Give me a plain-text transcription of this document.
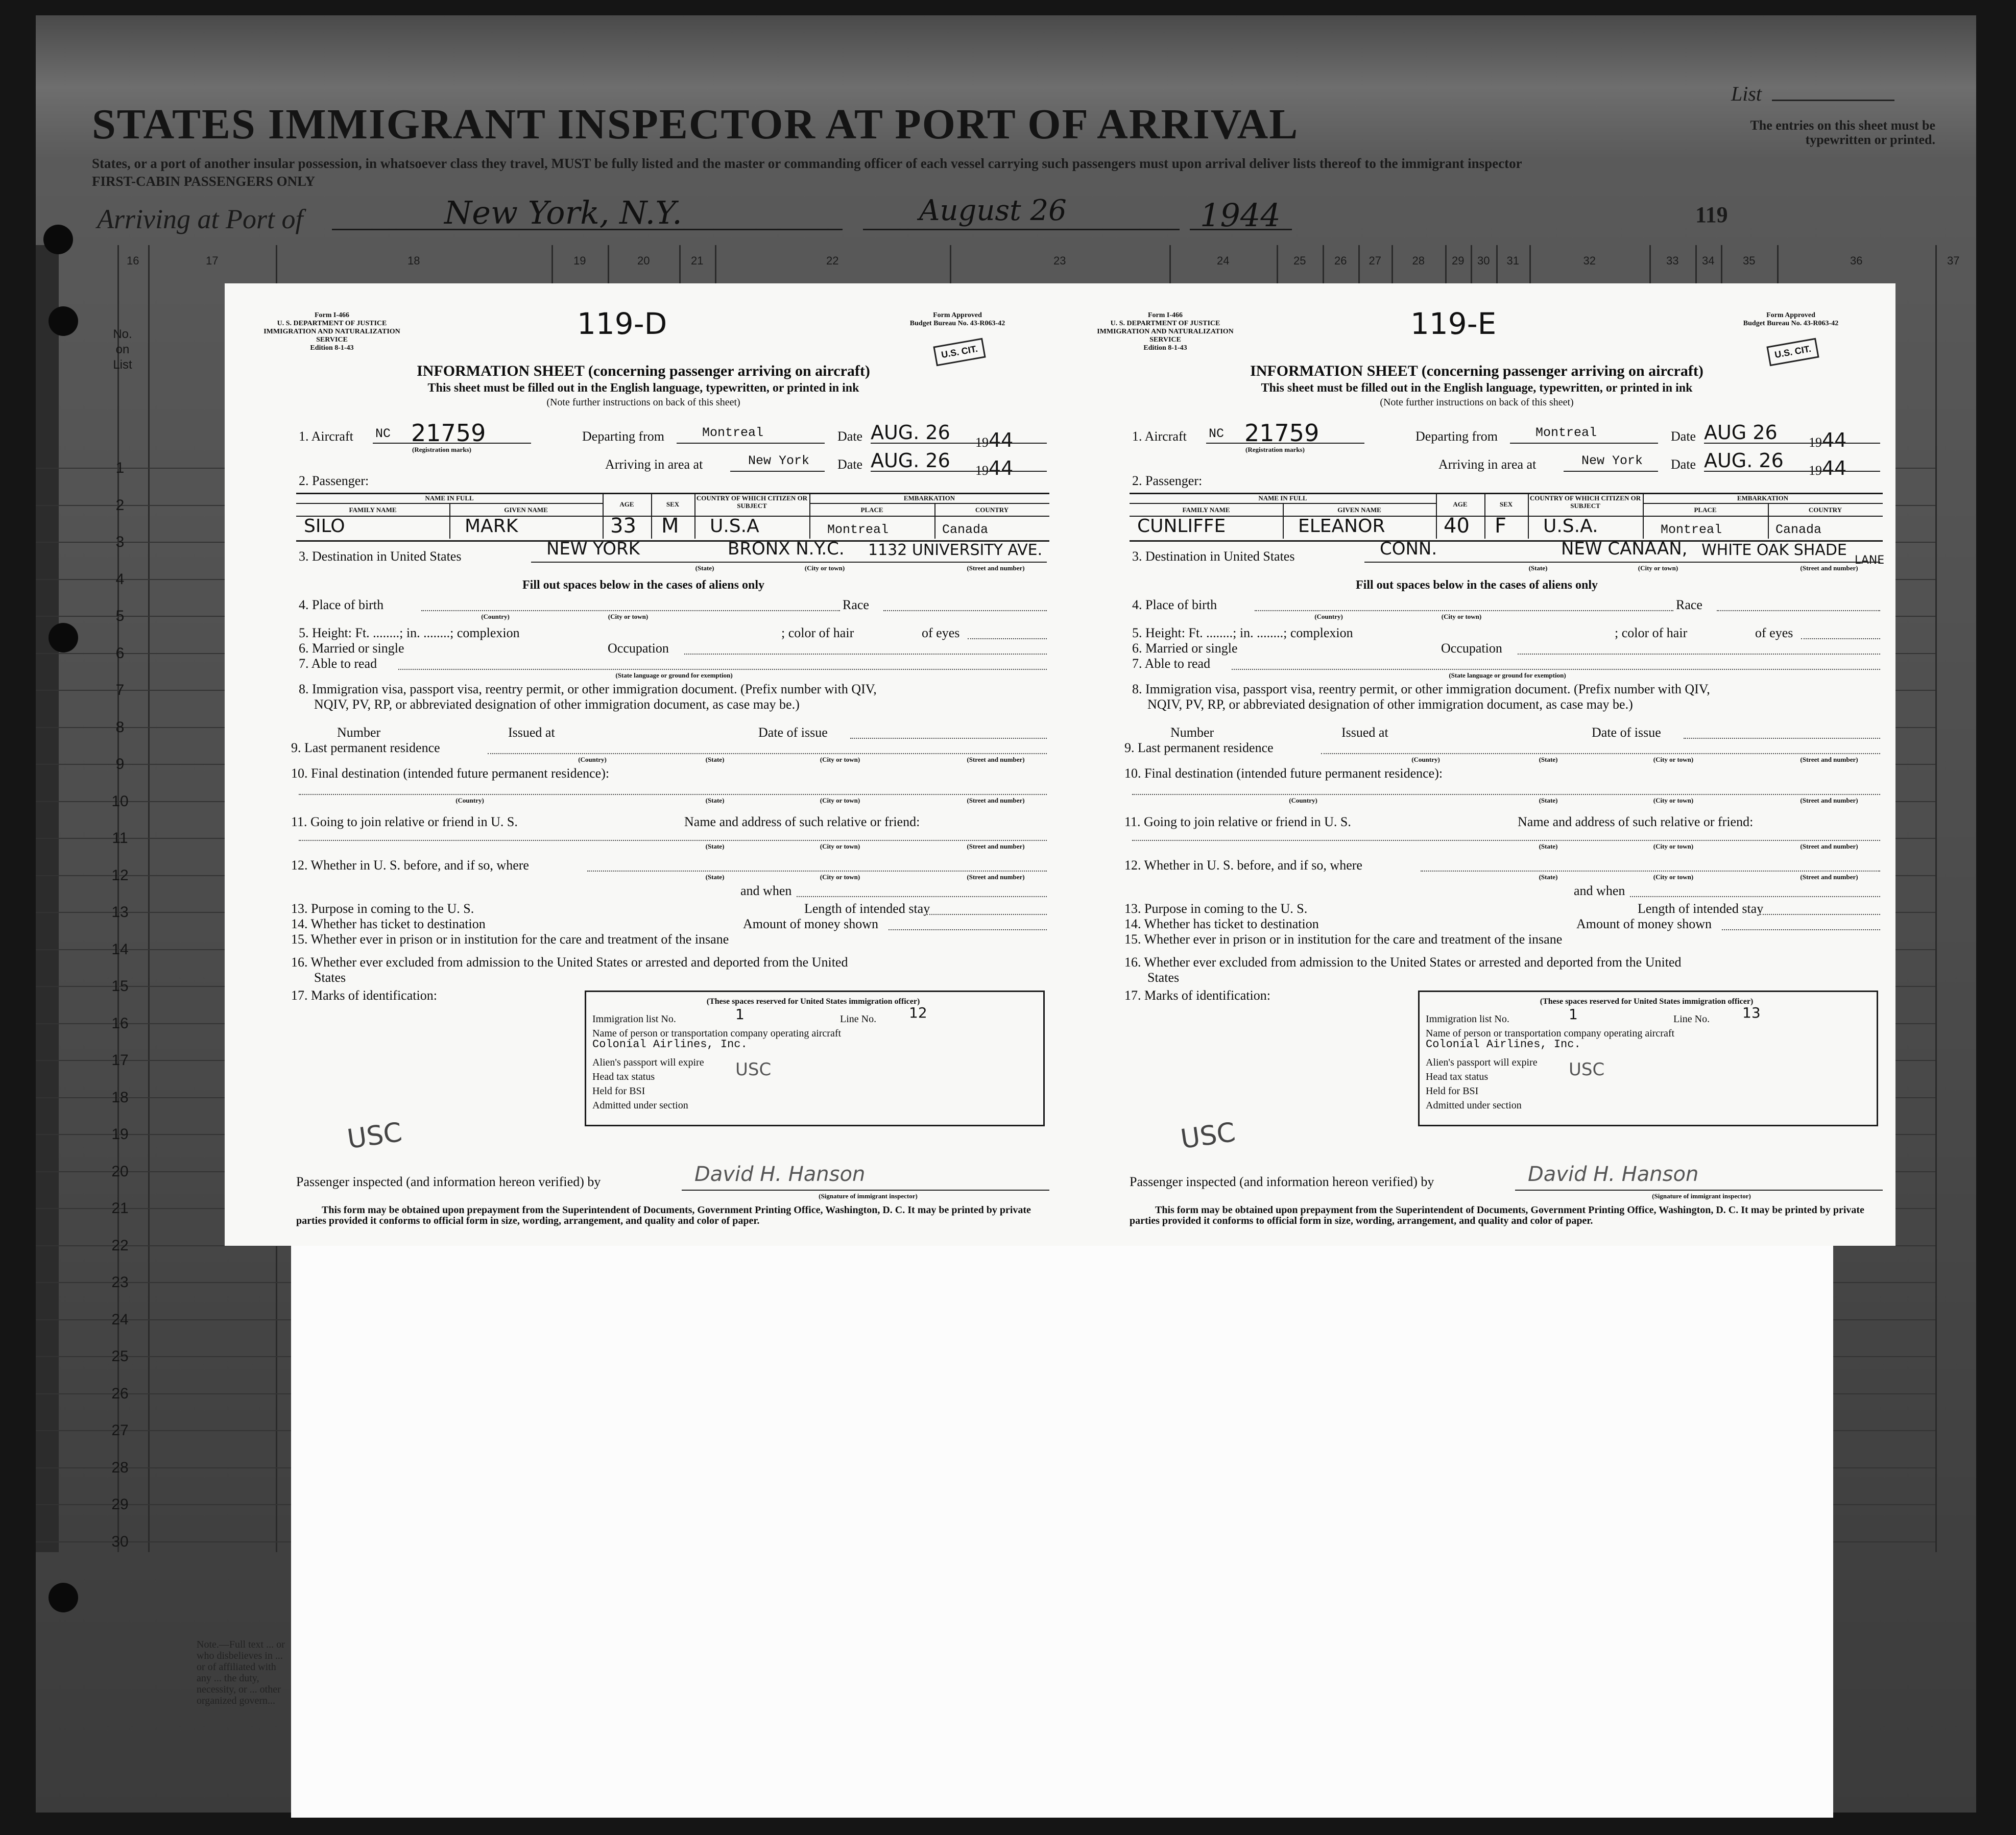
STATES IMMIGRANT INSPECTOR AT PORT OF ARRIVAL
States, or a port of another insular possession, in whatsoever class they travel, MUST be fully listed and the master or commanding officer of each vessel carrying such passengers must upon arrival deliver lists thereof to the immigrant inspector
FIRST-CABIN PASSENGERS ONLY
List
The entries on this sheet must be typewritten or printed.
Arriving at Port of	New York, N.Y.	August 26	1944	119
16	17	18	19	20	21	22	23	24	25	26 27	28 29 30 31	32	33 34	35	36	37
1
2
3
4
5
6
7
8
9
10
11
12
13
14
15
16
17
18
19
20
21
22
23
24
25
26
27
28
29
30
No. on List
Note.—Full text ... or who disbelieves in ... or of affiliated with any ... the duty, necessity, or ... other organized govern...
Form I-466
U. S. DEPARTMENT OF JUSTICE
IMMIGRATION AND NATURALIZATION SERVICE
Edition 8-1-43
119-D	Form Approved
Budget Bureau No. 43-R063-42
U.S. CIT.
INFORMATION SHEET (concerning passenger arriving on aircraft)
This sheet must be filled out in the English language, typewritten, or printed in ink
(Note further instructions on back of this sheet)
1. Aircraft NC 21759
(Registration marks)
Departing from	Montreal	Date AUG. 26 1944
Arriving in area at	New York Date AUG. 26 1944
2. Passenger:
NAME IN FULL
FAMILY NAME	GIVEN NAME
AGE	SEX
COUNTRY OF WHICH CITIZEN OR SUBJECT
EMBARKATION
PLACE	COUNTRY
SILO	MARK	33 M U.S.A	Montreal	Canada
3. Destination in United States	NEW YORK	BRONX N.Y.C. 1132 UNIVERSITY AVE.
(State)	(City or town)	(Street and number)
Fill out spaces below in the cases of aliens only
4. Place of birth	Race
(Country)	(City or town)
5. Height: Ft. ........; in. ........; complexion	; color of hair	of eyes
6. Married or single	Occupation
7. Able to read
(State language or ground for exemption)
8. Immigration visa, passport visa, reentry permit, or other immigration document. (Prefix number with QIV,
NQIV, PV, RP, or abbreviated designation of other immigration document, as case may be.)
Number	Issued at	Date of issue
9. Last permanent residence
(Country)	(State)	(City or town)	(Street and number)
10. Final destination (intended future permanent residence):
(Country)	(State)	(City or town)	(Street and number)
11. Going to join relative or friend in U. S.	Name and address of such relative or friend:
(State)	(City or town)	(Street and number)
12. Whether in U. S. before, and if so, where
(State)	(City or town)	(Street and number)
and when
13. Purpose in coming to the U. S.	Length of intended stay
14. Whether has ticket to destination	Amount of money shown
15. Whether ever in prison or in institution for the care and treatment of the insane
16. Whether ever excluded from admission to the United States or arrested and deported from the United
States
17. Marks of identification:	(These spaces reserved for United States immigration officer)
Immigration list No.	1	Line No. 12
Name of person or transportation company operating aircraft
Colonial Airlines, Inc.
Alien's passport will expire
Head tax status	USC
Held for BSI
Admitted under section
USC
Passenger inspected (and information hereon verified) by	David H. Hanson
(Signature of immigrant inspector)
This form may be obtained upon prepayment from the Superintendent of Documents, Government Printing Office, Washington, D. C. It may be printed by private parties provided it conforms to official form in size, wording, arrangement, and quality and color of paper.
Form I-466
U. S. DEPARTMENT OF JUSTICE
IMMIGRATION AND NATURALIZATION SERVICE
Edition 8-1-43
119-E	Form Approved
Budget Bureau No. 43-R063-42
U.S. CIT.
INFORMATION SHEET (concerning passenger arriving on aircraft)
This sheet must be filled out in the English language, typewritten, or printed in ink
(Note further instructions on back of this sheet)
1. Aircraft NC 21759
(Registration marks)
Departing from	Montreal	Date AUG 26 1944
Arriving in area at	New York Date AUG. 26 1944
2. Passenger:
NAME IN FULL
FAMILY NAME	GIVEN NAME
AGE	SEX
COUNTRY OF WHICH CITIZEN OR SUBJECT
EMBARKATION
PLACE	COUNTRY
CUNLIFFE	ELEANOR	40 F U.S.A.	Montreal	Canada
3. Destination in United States	CONN.	NEW CANAAN, WHITE OAK SHADE
LANE
(State)	(City or town)	(Street and number)
Fill out spaces below in the cases of aliens only
4. Place of birth	Race
(Country)	(City or town)
5. Height: Ft. ........; in. ........; complexion	; color of hair	of eyes
6. Married or single	Occupation
7. Able to read
(State language or ground for exemption)
8. Immigration visa, passport visa, reentry permit, or other immigration document. (Prefix number with QIV,
NQIV, PV, RP, or abbreviated designation of other immigration document, as case may be.)
Number	Issued at	Date of issue
9. Last permanent residence
(Country)	(State)	(City or town)	(Street and number)
10. Final destination (intended future permanent residence):
(Country)	(State)	(City or town)	(Street and number)
11. Going to join relative or friend in U. S.	Name and address of such relative or friend:
(State)	(City or town)	(Street and number)
12. Whether in U. S. before, and if so, where
(State)	(City or town)	(Street and number)
and when
13. Purpose in coming to the U. S.	Length of intended stay
14. Whether has ticket to destination	Amount of money shown
15. Whether ever in prison or in institution for the care and treatment of the insane
16. Whether ever excluded from admission to the United States or arrested and deported from the United
States
17. Marks of identification:	(These spaces reserved for United States immigration officer)
Immigration list No.	1	Line No. 13
Name of person or transportation company operating aircraft
Colonial Airlines, Inc.
Alien's passport will expire
Head tax status	USC
Held for BSI
Admitted under section
USC
Passenger inspected (and information hereon verified) by	David H. Hanson
(Signature of immigrant inspector)
This form may be obtained upon prepayment from the Superintendent of Documents, Government Printing Office, Washington, D. C. It may be printed by private parties provided it conforms to official form in size, wording, arrangement, and quality and color of paper.
